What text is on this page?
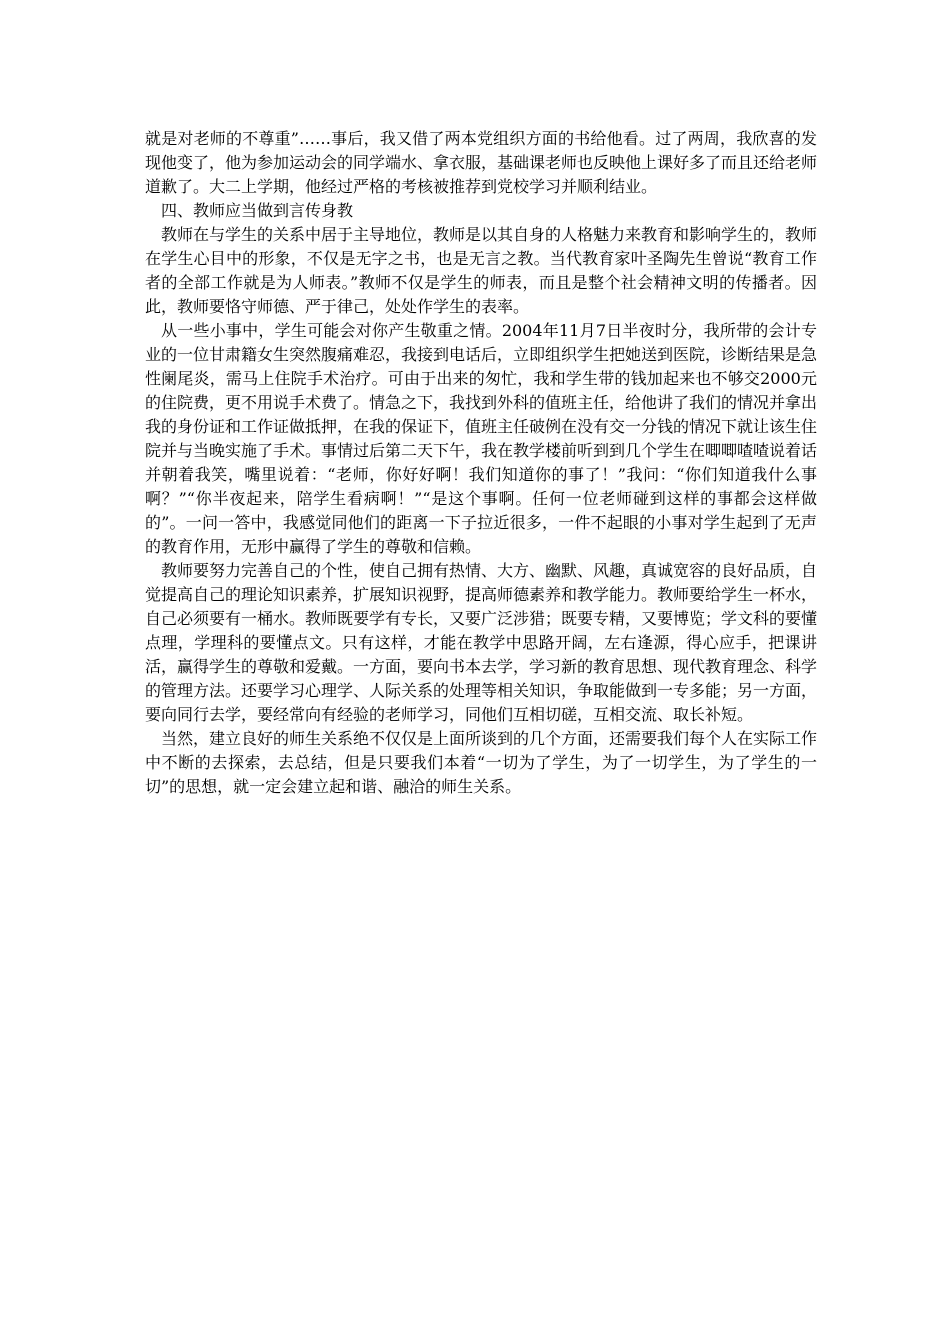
就是对老师的不尊重”……事后，我又借了两本党组织方面的书给他看。过了两周，我欣喜的发现他变了，他为参加运动会的同学端水、拿衣服，基础课老师也反映他上课好多了而且还给老师道歉了。大二上学期，他经过严格的考核被推荐到党校学习并顺利结业。

四、教师应当做到言传身教

教师在与学生的关系中居于主导地位，教师是以其自身的人格魅力来教育和影响学生的，教师在学生心目中的形象，不仅是无字之书，也是无言之教。当代教育家叶圣陶先生曾说“教育工作者的全部工作就是为人师表。”教师不仅是学生的师表，而且是整个社会精神文明的传播者。因此，教师要恪守师德、严于律己，处处作学生的表率。

从一些小事中，学生可能会对你产生敬重之情。2004年11月7日半夜时分，我所带的会计专业的一位甘肃籍女生突然腹痛难忍，我接到电话后，立即组织学生把她送到医院，诊断结果是急性阑尾炎，需马上住院手术治疗。可由于出来的匆忙，我和学生带的钱加起来也不够交2000元的住院费，更不用说手术费了。情急之下，我找到外科的值班主任，给他讲了我们的情况并拿出我的身份证和工作证做抵押，在我的保证下，值班主任破例在没有交一分钱的情况下就让该生住院并与当晚实施了手术。事情过后第二天下午，我在教学楼前听到到几个学生在唧唧喳喳说着话并朝着我笑，嘴里说着：“老师，你好好啊！我们知道你的事了！”我问：“你们知道我什么事啊？”“你半夜起来，陪学生看病啊！”“是这个事啊。任何一位老师碰到这样的事都会这样做的”。一问一答中，我感觉同他们的距离一下子拉近很多，一件不起眼的小事对学生起到了无声的教育作用，无形中赢得了学生的尊敬和信赖。

教师要努力完善自己的个性，使自己拥有热情、大方、幽默、风趣，真诚宽容的良好品质，自觉提高自己的理论知识素养，扩展知识视野，提高师德素养和教学能力。教师要给学生一杯水，自己必须要有一桶水。教师既要学有专长，又要广泛涉猎；既要专精，又要博览；学文科的要懂点理，学理科的要懂点文。只有这样，才能在教学中思路开阔，左右逢源，得心应手，把课讲活，赢得学生的尊敬和爱戴。一方面，要向书本去学，学习新的教育思想、现代教育理念、科学的管理方法。还要学习心理学、人际关系的处理等相关知识，争取能做到一专多能；另一方面，要向同行去学，要经常向有经验的老师学习，同他们互相切磋，互相交流、取长补短。

当然，建立良好的师生关系绝不仅仅是上面所谈到的几个方面，还需要我们每个人在实际工作中不断的去探索，去总结，但是只要我们本着“一切为了学生，为了一切学生，为了学生的一切”的思想，就一定会建立起和谐、融洽的师生关系。
